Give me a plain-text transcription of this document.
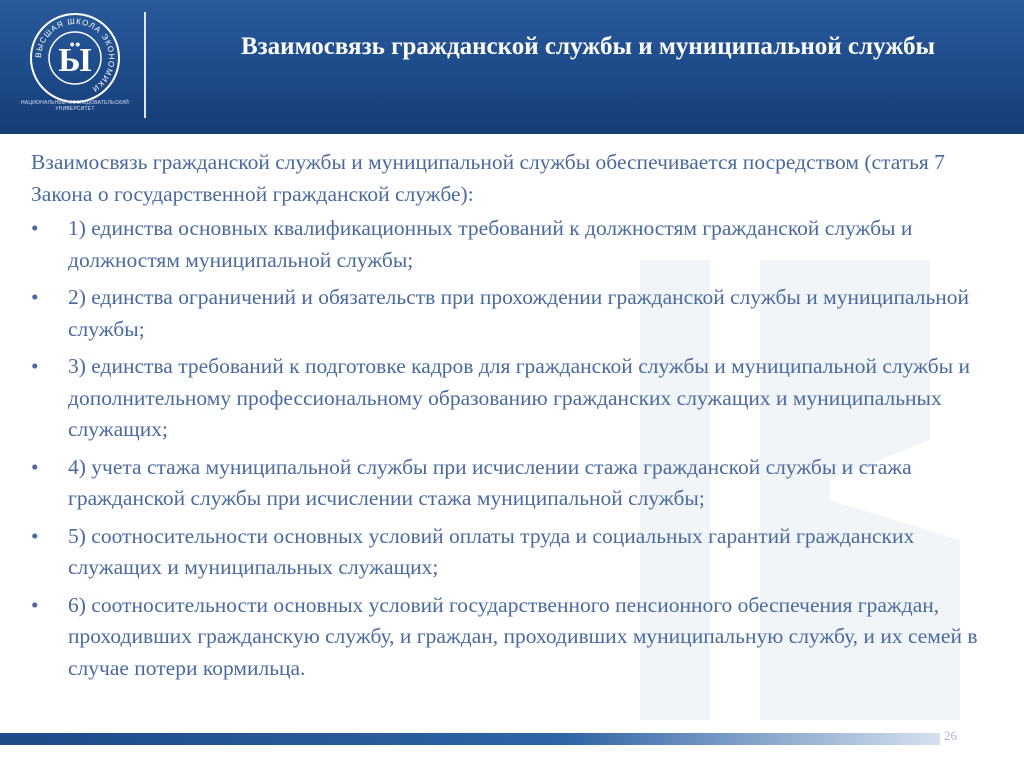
ВЫСШАЯ ШКОЛА ЭКОНОМИКИ
Ӹ
НАЦИОНАЛЬНЫЙ ИССЛЕДОВАТЕЛЬСКИЙ УНИВЕРСИТЕТ
Взаимосвязь гражданской службы и муниципальной службы

Взаимосвязь гражданской службы и муниципальной службы обеспечивается посредством (статья 7 Закона о государственной гражданской службе):

• 1) единства основных квалификационных требований к должностям гражданской службы и должностям муниципальной службы;
• 2) единства ограничений и обязательств при прохождении гражданской службы и муниципальной службы;
• 3) единства требований к подготовке кадров для гражданской службы и муниципальной службы и дополнительному профессиональному образованию гражданских служащих и муниципальных служащих;
• 4) учета стажа муниципальной службы при исчислении стажа гражданской службы и стажа гражданской службы при исчислении стажа муниципальной службы;
• 5) соотносительности основных условий оплаты труда и социальных гарантий гражданских служащих и муниципальных служащих;
• 6) соотносительности основных условий государственного пенсионного обеспечения граждан, проходивших гражданскую службу, и граждан, проходивших муниципальную службу, и их семей в случае потери кормильца.
26
